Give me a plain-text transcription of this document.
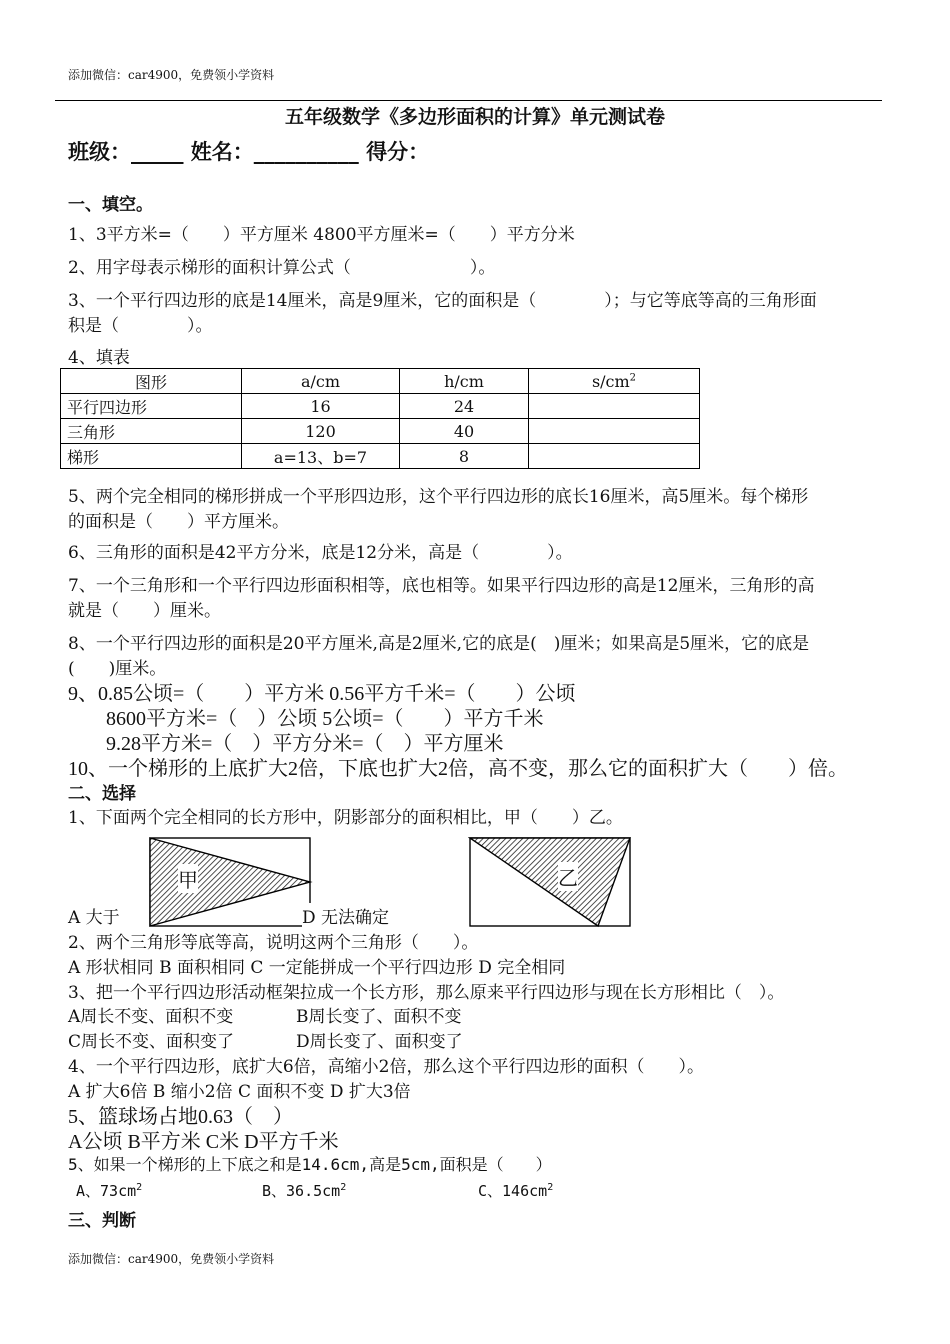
添加微信：car4900，免费领小学资料
五年级数学《多边形面积的计算》单元测试卷
班级：_____ 姓名：__________ 得分：
一、填空。
1、3平方米=（　　）平方厘米 4800平方厘米=（　　）平方分米
2、用字母表示梯形的面积计算公式（　　　　　　　）。
3、一个平行四边形的底是14厘米，高是9厘米，它的面积是（　　　　）；与它等底等高的三角形面
积是（　　　　）。
4、填表
图形	a/cm	h/cm	$s/cm^2$
平行四边形	16	24	
三角形	120	40	
梯形	a=13、b=7	8	
5、两个完全相同的梯形拼成一个平形四边形，这个平行四边形的底长16厘米，高5厘米。每个梯形
的面积是（　　）平方厘米。
6、三角形的面积是42平方分米，底是12分米，高是（　　　　）。
7、一个三角形和一个平行四边形面积相等，底也相等。如果平行四边形的高是12厘米，三角形的高
就是（　　）厘米。
8、一个平行四边形的面积是20平方厘米,高是2厘米,它的底是(　)厘米；如果高是5厘米，它的底是
(　　)厘米。
9、0.85公顷=（　　）平方米 0.56平方千米=（　　）公顷
8600平方米=（　）公顷 5公顷=（　　）平方千米
9.28平方米=（　）平方分米=（　）平方厘米
10、一个梯形的上底扩大2倍，下底也扩大2倍，高不变，那么它的面积扩大（　　）倍。
二、选择
1、下面两个完全相同的长方形中，阴影部分的面积相比，甲（　　）乙。
甲	乙
A 大于	D 无法确定
2、两个三角形等底等高，说明这两个三角形（　　）。
A 形状相同 B 面积相同 C 一定能拼成一个平行四边形 D 完全相同
3、把一个平行四边形活动框架拉成一个长方形，那么原来平行四边形与现在长方形相比（　）。
A周长不变、面积不变	B周长变了、面积不变
C周长不变、面积变了	D周长变了、面积变了
4、一个平行四边形，底扩大6倍，高缩小2倍，那么这个平行四边形的面积（　　）。
A 扩大6倍 B 缩小2倍 C 面积不变 D 扩大3倍
5、篮球场占地0.63（　）
A公顷 B平方米 C米 D平方千米
5、如果一个梯形的上下底之和是14.6cm,高是5cm,面积是（　　）
A、$73cm^2$	B、$36.5cm^2$	C、$146cm^2$
三、判断
添加微信：car4900，免费领小学资料
